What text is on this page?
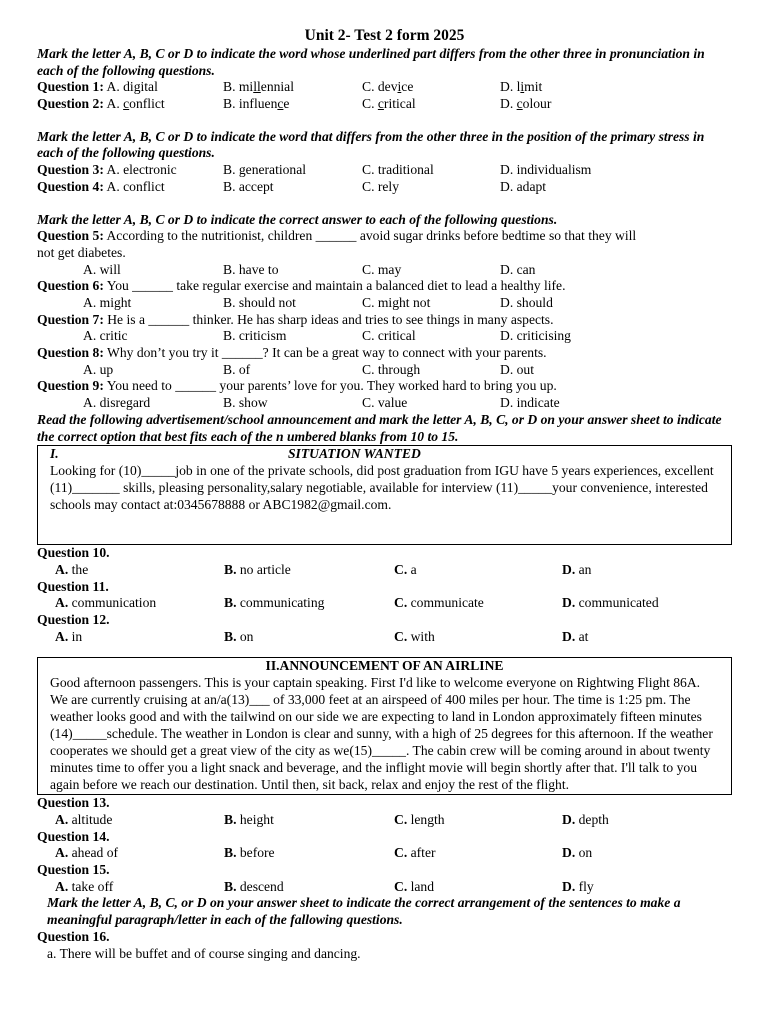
Unit 2- Test 2 form 2025
Mark the letter A, B, C or D to indicate the word whose underlined part differs from the other three in pronunciation in each of the following questions.
Question 1: A. digital	B. millennial	C. device	D. limit
Question 2: A. conflict	B. influence	C. critical	D. colour
Mark the letter A, B, C or D to indicate the word that differs from the other three in the position of the primary stress in each of the following questions.
Question 3: A. electronic	B. generational	C. traditional	D. individualism
Question 4: A. conflict	B. accept	C. rely	D. adapt
Mark the letter A, B, C or D to indicate the correct answer to each of the following questions.
Question 5: According to the nutritionist, children ______ avoid sugar drinks before bedtime so that they will
not get diabetes.
A. will	B. have to	C. may	D. can
Question 6: You ______ take regular exercise and maintain a balanced diet to lead a healthy life.
A. might	B. should not	C. might not	D. should
Question 7: He is a ______ thinker. He has sharp ideas and tries to see things in many aspects.
A. critic	B. criticism	C. critical	D. criticising
Question 8: Why don’t you try it ______? It can be a great way to connect with your parents.
A. up	B. of	C. through	D. out
Question 9: You need to ______ your parents’ love for you. They worked hard to bring you up.
A. disregard	B. show	C. value	D. indicate
Read the following advertisement/school announcement and mark the letter A, B, C, or D on your answer sheet to indicate the correct option that best fits each of the n umbered blanks from 10 to 15.
I.	SITUATION WANTED
Looking for (10)_____job in one of the private schools, did post graduation from IGU have 5 years experiences, excellent (11)_______ skills, pleasing personality,salary negotiable, available for interview (11)_____your convenience, interested schools may contact at:0345678888 or ABC1982@gmail.com.
Question 10.
A. the	B. no article	C. a	D. an
Question 11.
A. communication	B. communicating	C. communicate	D. communicated
Question 12.
A. in	B. on	C. with	D. at
II.ANNOUNCEMENT OF AN AIRLINE
Good afternoon passengers. This is your captain speaking. First I'd like to welcome everyone on Rightwing Flight 86A. We are currently cruising at an/a(13)___ of 33,000 feet at an airspeed of 400 miles per hour. The time is 1:25 pm. The weather looks good and with the tailwind on our side we are expecting to land in London approximately fifteen minutes (14)_____schedule. The weather in London is clear and sunny, with a high of 25 degrees for this afternoon. If the weather cooperates we should get a great view of the city as we(15)_____. The cabin crew will be coming around in about twenty minutes time to offer you a light snack and beverage, and the inflight movie will begin shortly after that. I'll talk to you again before we reach our destination. Until then, sit back, relax and enjoy the rest of the flight.
Question 13.
A. altitude	B. height	C. length	D. depth
Question 14.
A. ahead of	B. before	C. after	D. on
Question 15.
A. take off	B. descend	C. land	D. fly
Mark the letter A, B, C, or D on your answer sheet to indicate the correct arrangement of the sentences to make a meaningful paragraph/letter in each of the fallowing questions.
Question 16.
a. There will be buffet and of course singing and dancing.
